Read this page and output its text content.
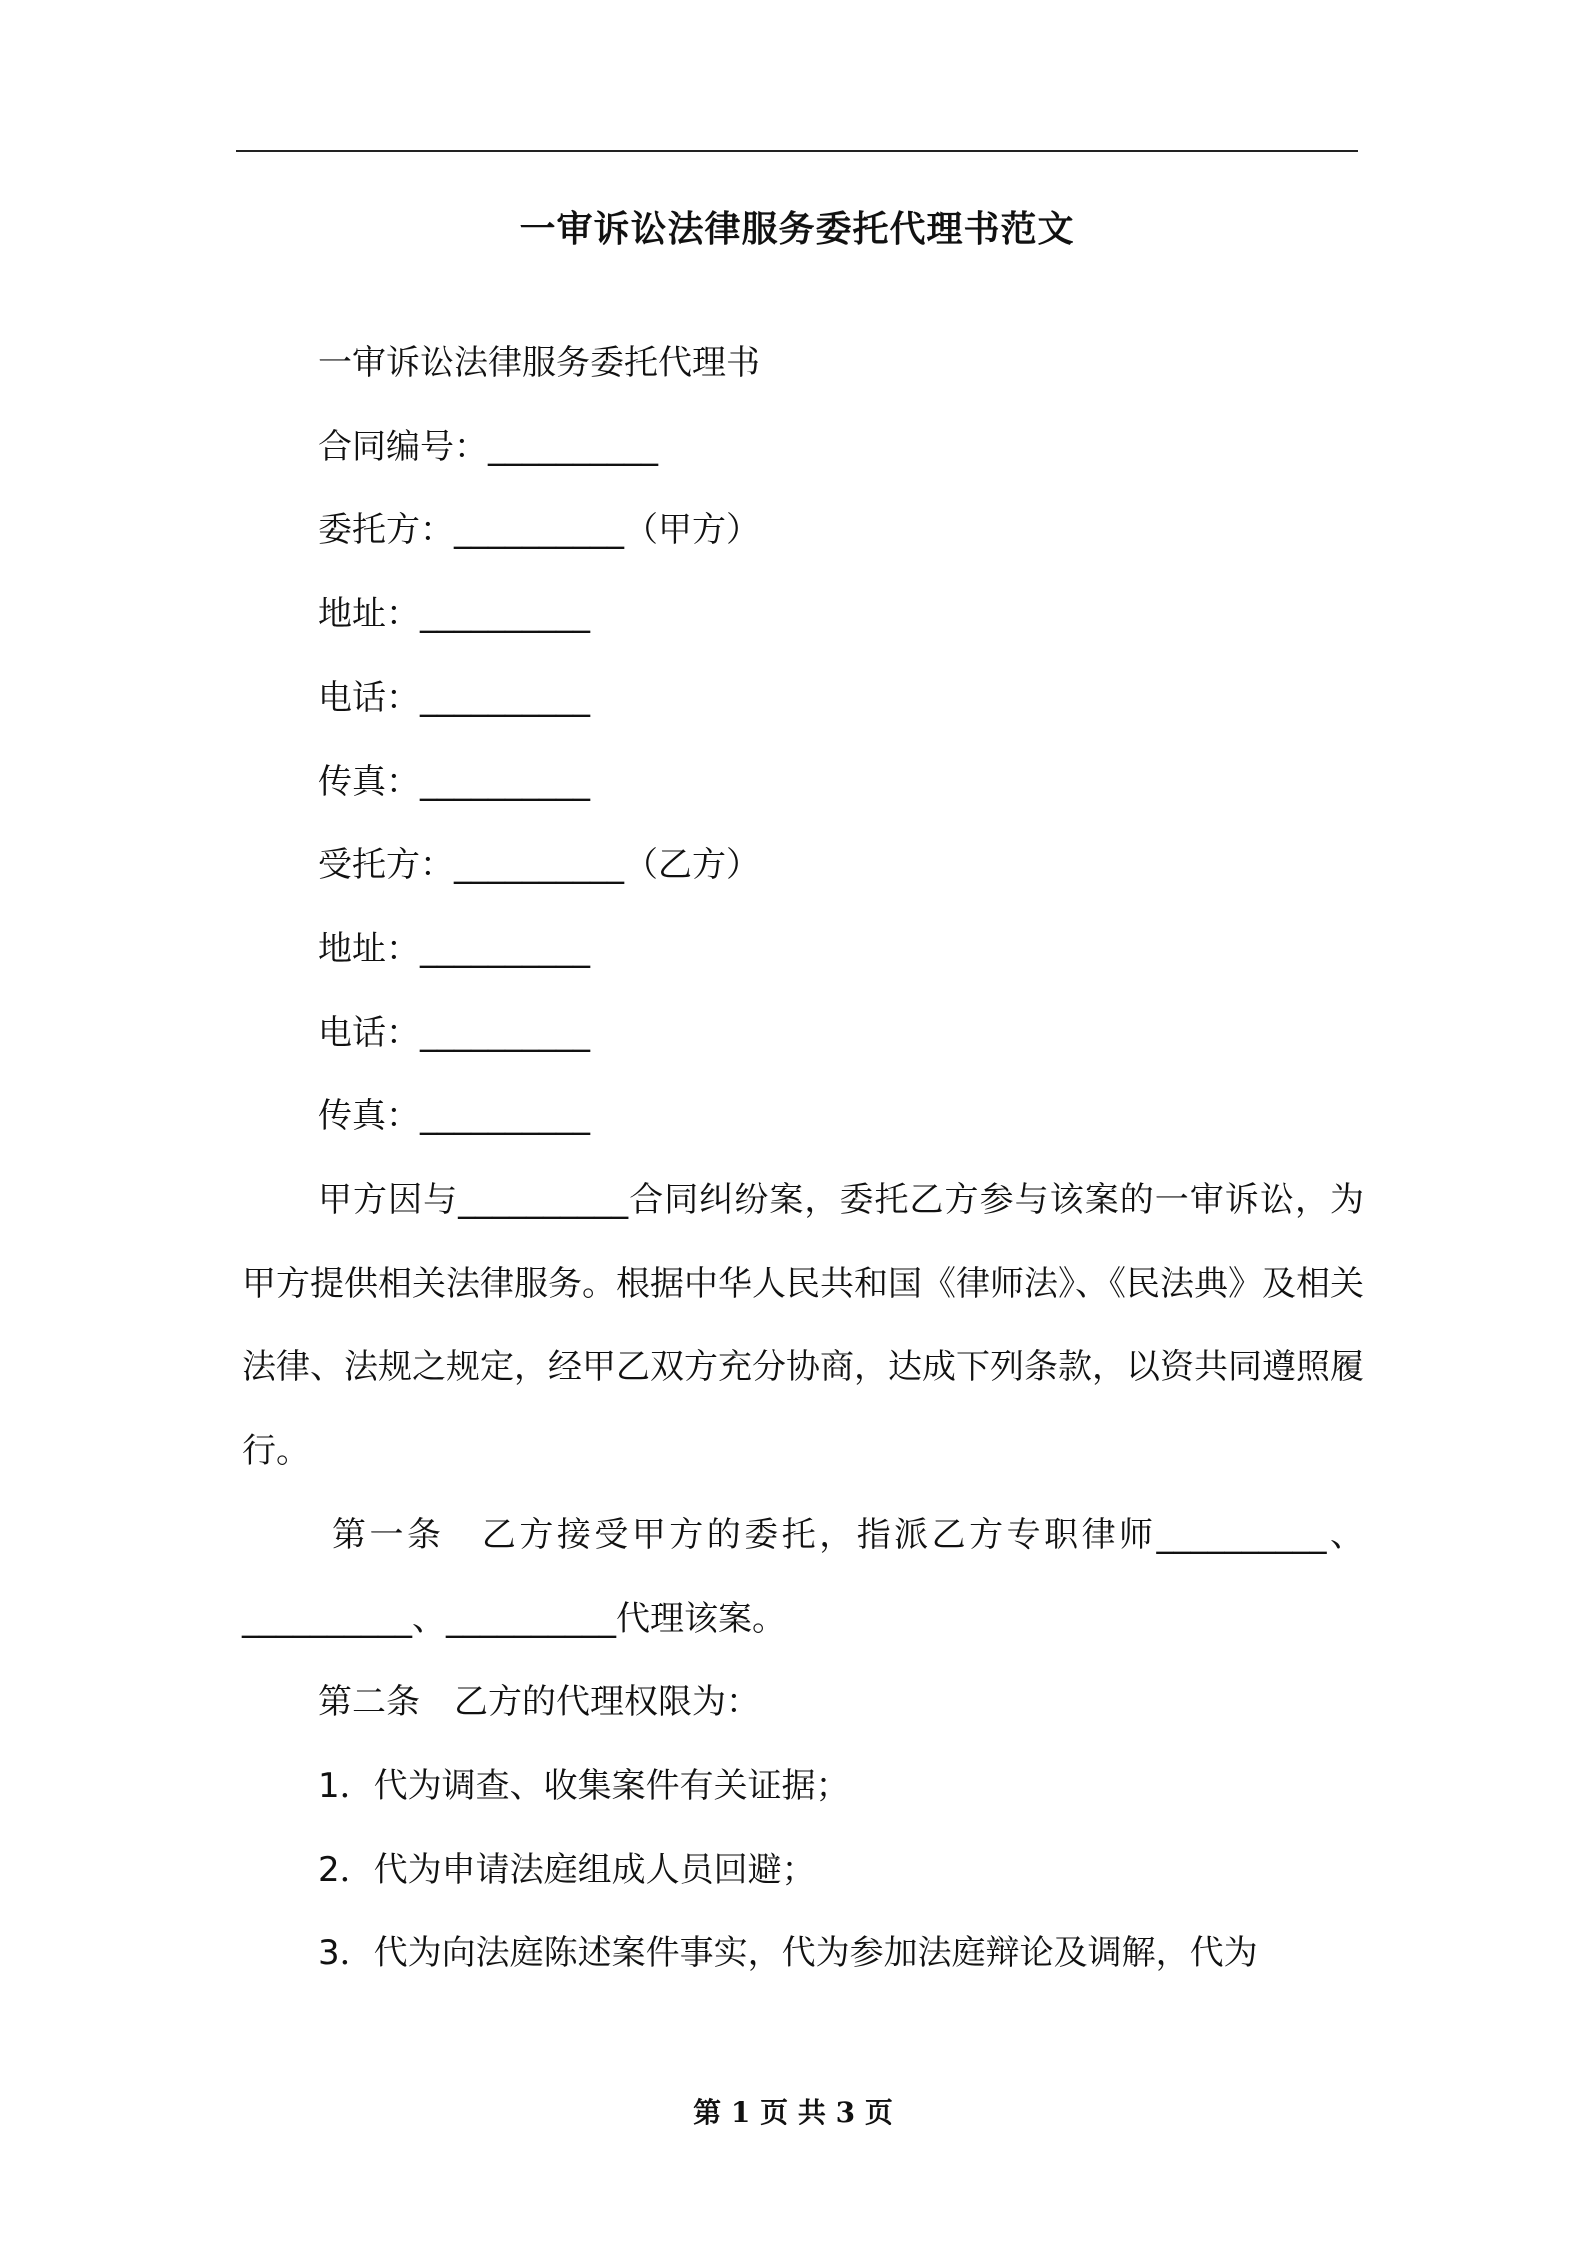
一审诉讼法律服务委托代理书范文

一审诉讼法律服务委托代理书

合同编号：__________

委托方：__________（甲方）

地址：__________

电话：__________

传真：__________

受托方：__________（乙方）

地址：__________

电话：__________

传真：__________

甲方因与__________合同纠纷案，委托乙方参与该案的一审诉讼，为甲方提供相关法律服务。根据中华人民共和国《律师法》、《民法典》及相关法律、法规之规定，经甲乙双方充分协商，达成下列条款，以资共同遵照履行。

第一条　乙方接受甲方的委托，指派乙方专职律师__________、__________、__________代理该案。

第二条　乙方的代理权限为：

1．代为调查、收集案件有关证据；

2．代为申请法庭组成人员回避；

3．代为向法庭陈述案件事实，代为参加法庭辩论及调解，代为

第 1 页 共 3 页
